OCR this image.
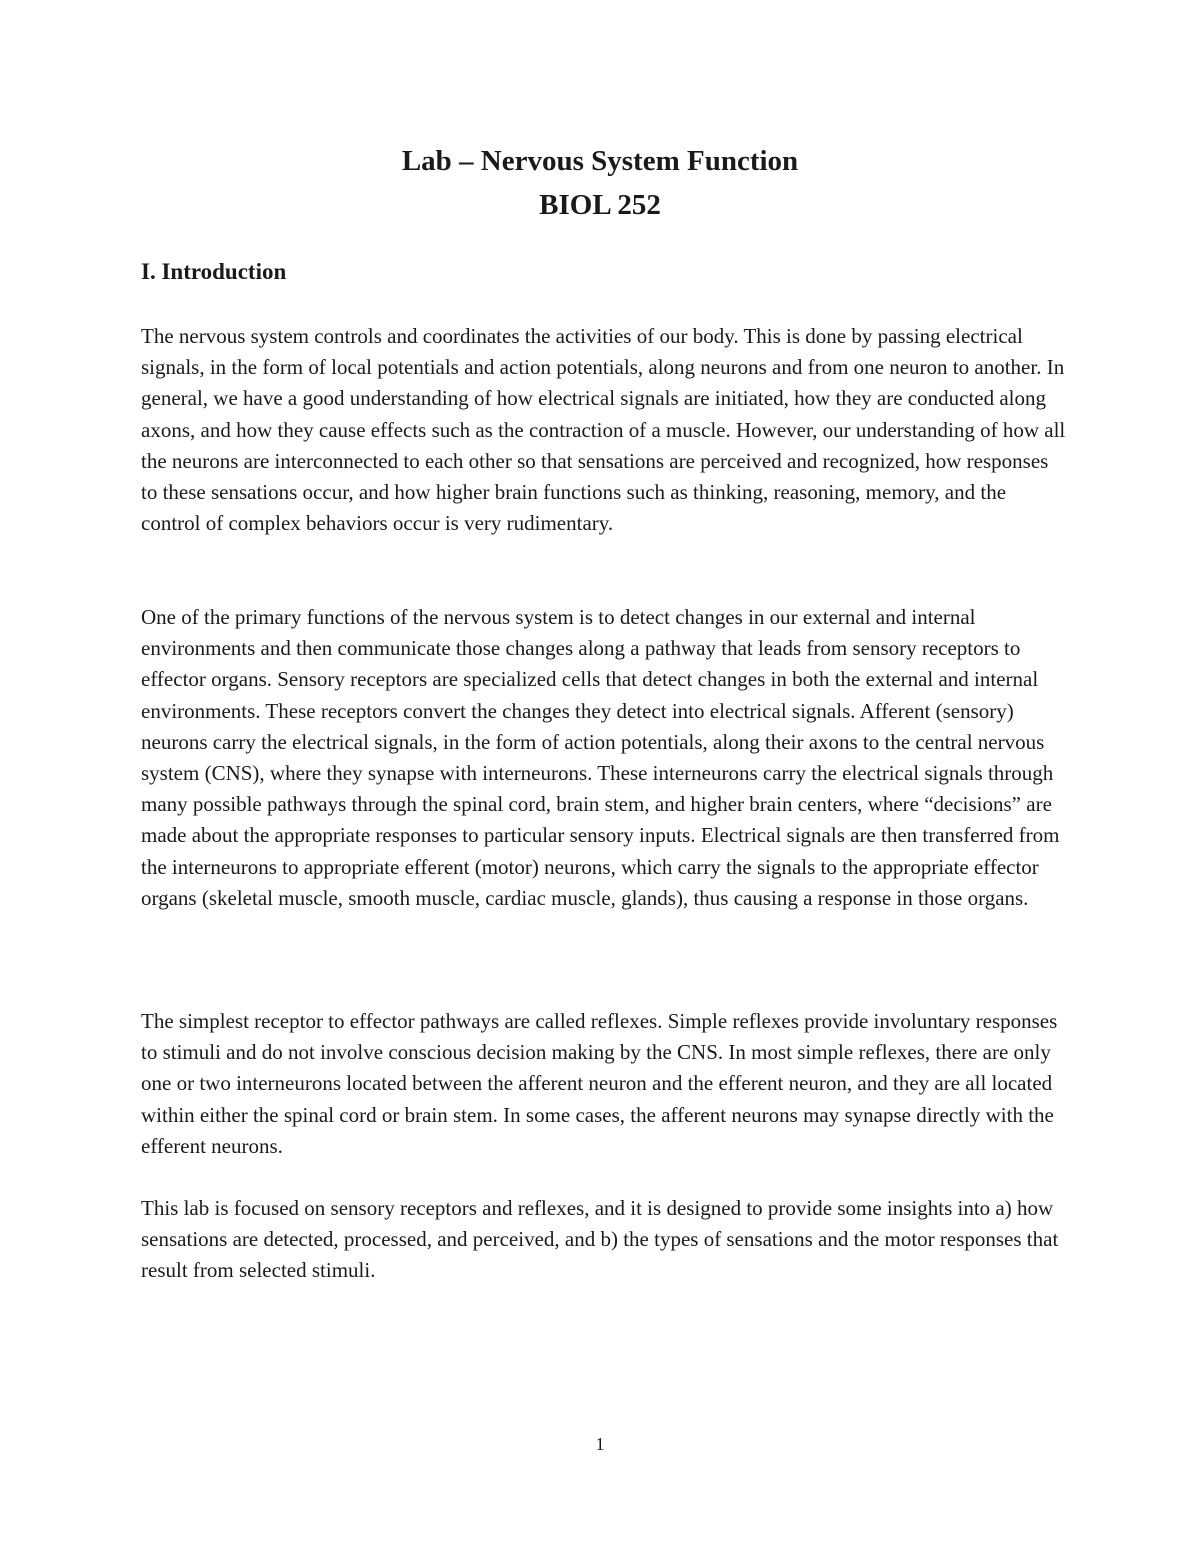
Lab – Nervous System Function
BIOL 252
I. Introduction

The nervous system controls and coordinates the activities of our body. This is done by passing electrical signals, in the form of local potentials and action potentials, along neurons and from one neuron to another. In general, we have a good understanding of how electrical signals are initiated, how they are conducted along axons, and how they cause effects such as the contraction of a muscle. However, our understanding of how all the neurons are interconnected to each other so that sensations are perceived and recognized, how responses to these sensations occur, and how higher brain functions such as thinking, reasoning, memory, and the control of complex behaviors occur is very rudimentary.

One of the primary functions of the nervous system is to detect changes in our external and internal environments and then communicate those changes along a pathway that leads from sensory receptors to effector organs. Sensory receptors are specialized cells that detect changes in both the external and internal environments. These receptors convert the changes they detect into electrical signals. Afferent (sensory) neurons carry the electrical signals, in the form of action potentials, along their axons to the central nervous system (CNS), where they synapse with interneurons. These interneurons carry the electrical signals through many possible pathways through the spinal cord, brain stem, and higher brain centers, where “decisions” are made about the appropriate responses to particular sensory inputs. Electrical signals are then transferred from the interneurons to appropriate efferent (motor) neurons, which carry the signals to the appropriate effector organs (skeletal muscle, smooth muscle, cardiac muscle, glands), thus causing a response in those organs.

The simplest receptor to effector pathways are called reflexes. Simple reflexes provide involuntary responses to stimuli and do not involve conscious decision making by the CNS. In most simple reflexes, there are only one or two interneurons located between the afferent neuron and the efferent neuron, and they are all located within either the spinal cord or brain stem. In some cases, the afferent neurons may synapse directly with the efferent neurons.

This lab is focused on sensory receptors and reflexes, and it is designed to provide some insights into a) how sensations are detected, processed, and perceived, and b) the types of sensations and the motor responses that result from selected stimuli.

1
